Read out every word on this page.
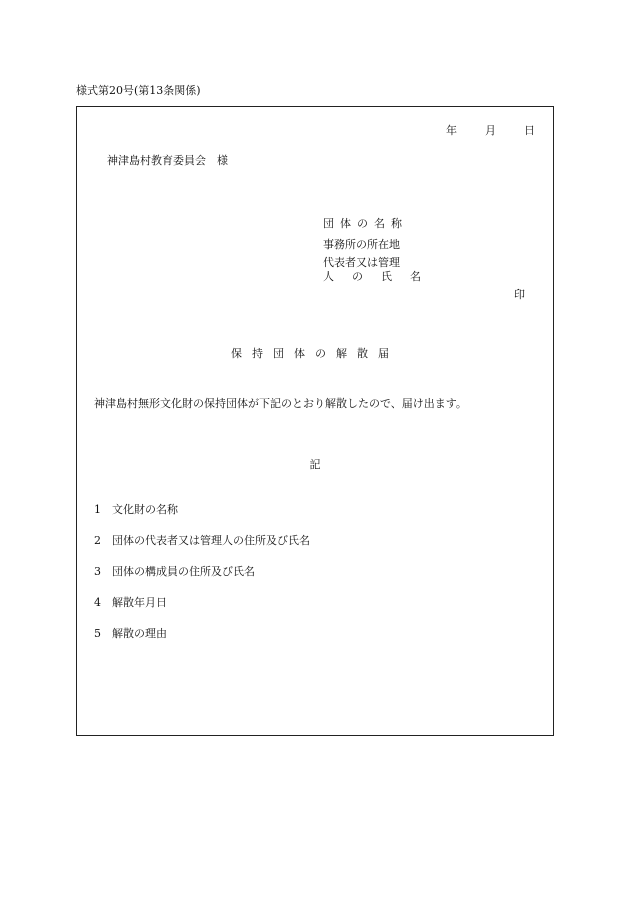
様式第20号(第13条関係)
年	月	日
神津島村教育委員会　様
団体の名称
事務所の所在地
代表者又は管理
人の氏名
印
保持団体の解散届
神津島村無形文化財の保持団体が下記のとおり解散したので、届け出ます。
記
1	文化財の名称
2	団体の代表者又は管理人の住所及び氏名
3	団体の構成員の住所及び氏名
4	解散年月日
5	解散の理由
